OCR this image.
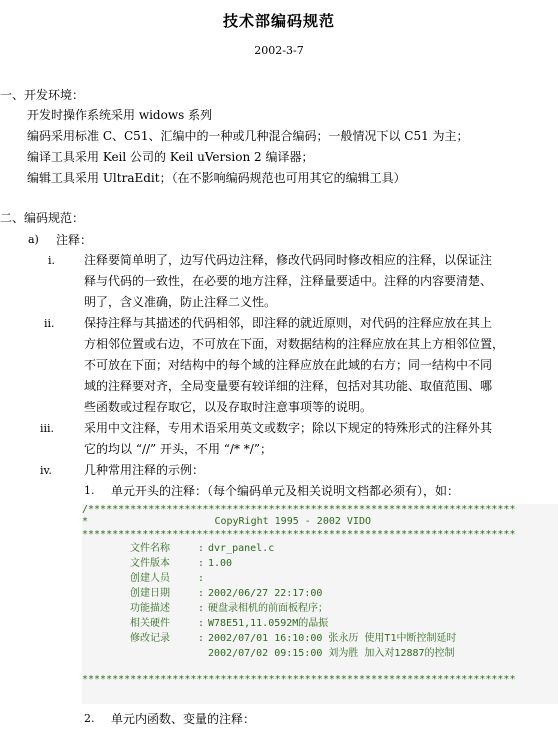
技术部编码规范
2002-3-7
一、开发环境：
开发时操作系统采用 widows 系列
编码采用标准 C、C51、汇编中的一种或几种混合编码；一般情况下以 C51 为主；
编译工具采用 Keil 公司的 Keil uVersion 2 编译器；
编辑工具采用 UltraEdit；（在不影响编码规范也可用其它的编辑工具）
二、编码规范：
a) 注释：
i. 注释要简单明了，边写代码边注释，修改代码同时修改相应的注释，以保证注
释与代码的一致性，在必要的地方注释，注释量要适中。注释的内容要清楚、
明了，含义准确，防止注释二义性。
ii. 保持注释与其描述的代码相邻，即注释的就近原则，对代码的注释应放在其上
方相邻位置或右边，不可放在下面，对数据结构的注释应放在其上方相邻位置，
不可放在下面；对结构中的每个域的注释应放在此域的右方；同一结构中不同
域的注释要对齐，全局变量要有较详细的注释，包括对其功能、取值范围、哪
些函数或过程存取它，以及存取时注意事项等的说明。
iii. 采用中文注释，专用术语采用英文或数字；除以下规定的特殊形式的注释外其
它的均以 “//” 开头，不用 “/* */”；
iv.	几种常用注释的示例：
1. 单元开头的注释：（每个编码单元及相关说明文档都必须有），如：
/***********************************************************************
*                     CopyRight 1995 - 2002 VIDO
************************************************************************
文件名称  : dvr_panel.c
文件版本  : 1.00
创建人员  :
创建日期  : 2002/06/27 22:17:00
功能描述  : 硬盘录相机的前面板程序；
相关硬件  : W78E51,11.0592M的晶振
修改记录  : 2002/07/01 16:10:00 张永历 使用T1中断控制延时
2002/07/02 09:15:00 刘为胜 加入对12887的控制

************************************************************************
2. 单元内函数、变量的注释：
